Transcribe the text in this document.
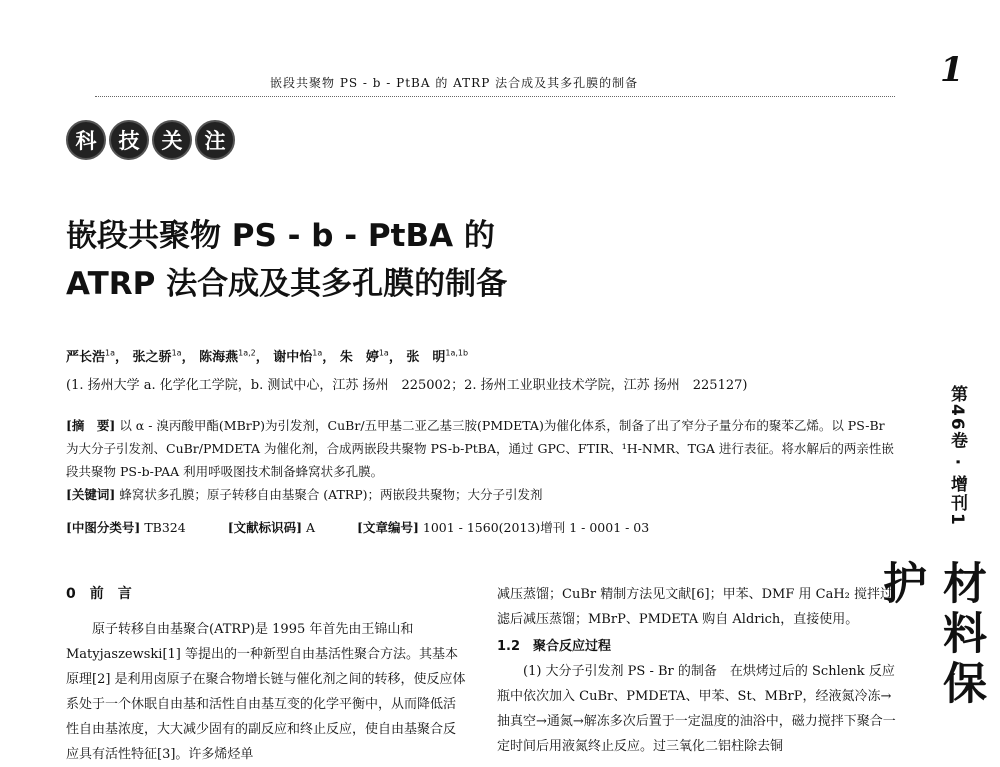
嵌段共聚物 PS - b - PtBA 的 ATRP 法合成及其多孔膜的制备	1
科	技	关	注
嵌段共聚物 PS - b - PtBA 的
ATRP 法合成及其多孔膜的制备
严长浩$^{1a}$， 张之骄$^{1a}$， 陈海燕$^{1a,2}$， 谢中怡$^{1a}$， 朱　婷$^{1a}$， 张　明$^{1a,1b}$
(1. 扬州大学 a. 化学化工学院，b. 测试中心，江苏 扬州　225002；2. 扬州工业职业技术学院，江苏 扬州　225127)
[摘　要] 以 α - 溴丙酸甲酯(MBrP)为引发剂，CuBr/五甲基二亚乙基三胺(PMDETA)为催化体系，制备了出了窄分子量分布的聚苯乙烯。以 PS-Br 为大分子引发剂、CuBr/PMDETA 为催化剂，合成两嵌段共聚物 PS-b-PtBA，通过 GPC、FTIR、¹H-NMR、TGA 进行表征。将水解后的两亲性嵌段共聚物 PS-b-PAA 利用呼吸图技术制备蜂窝状多孔膜。
[关键词] 蜂窝状多孔膜；原子转移自由基聚合 (ATRP)；两嵌段共聚物；大分子引发剂
[中图分类号] TB324	[文献标识码] A	[文章编号] 1001 - 1560(2013)增刊 1 - 0001 - 03
0　前　言

原子转移自由基聚合(ATRP)是 1995 年首先由王锦山和 Matyjaszewski[1] 等提出的一种新型自由基活性聚合方法。其基本原理[2] 是利用卤原子在聚合物增长链与催化剂之间的转移，使反应体系处于一个休眠自由基和活性自由基互变的化学平衡中，从而降低活性自由基浓度，大大减少固有的副反应和终止反应，使自由基聚合反应具有活性特征[3]。许多烯烃单

减压蒸馏；CuBr 精制方法见文献[6]；甲苯、DMF 用 CaH₂ 搅拌过滤后减压蒸馏；MBrP、PMDETA 购自 Aldrich，直接使用。

1.2　聚合反应过程

(1) 大分子引发剂 PS - Br 的制备　在烘烤过后的 Schlenk 反应瓶中依次加入 CuBr、PMDETA、甲苯、St、MBrP，经液氮冷冻→抽真空→通氮→解冻多次后置于一定温度的油浴中，磁力搅拌下聚合一定时间后用液氮终止反应。过三氧化二铝柱除去铜

第46卷 · 增刊1
材料保护
